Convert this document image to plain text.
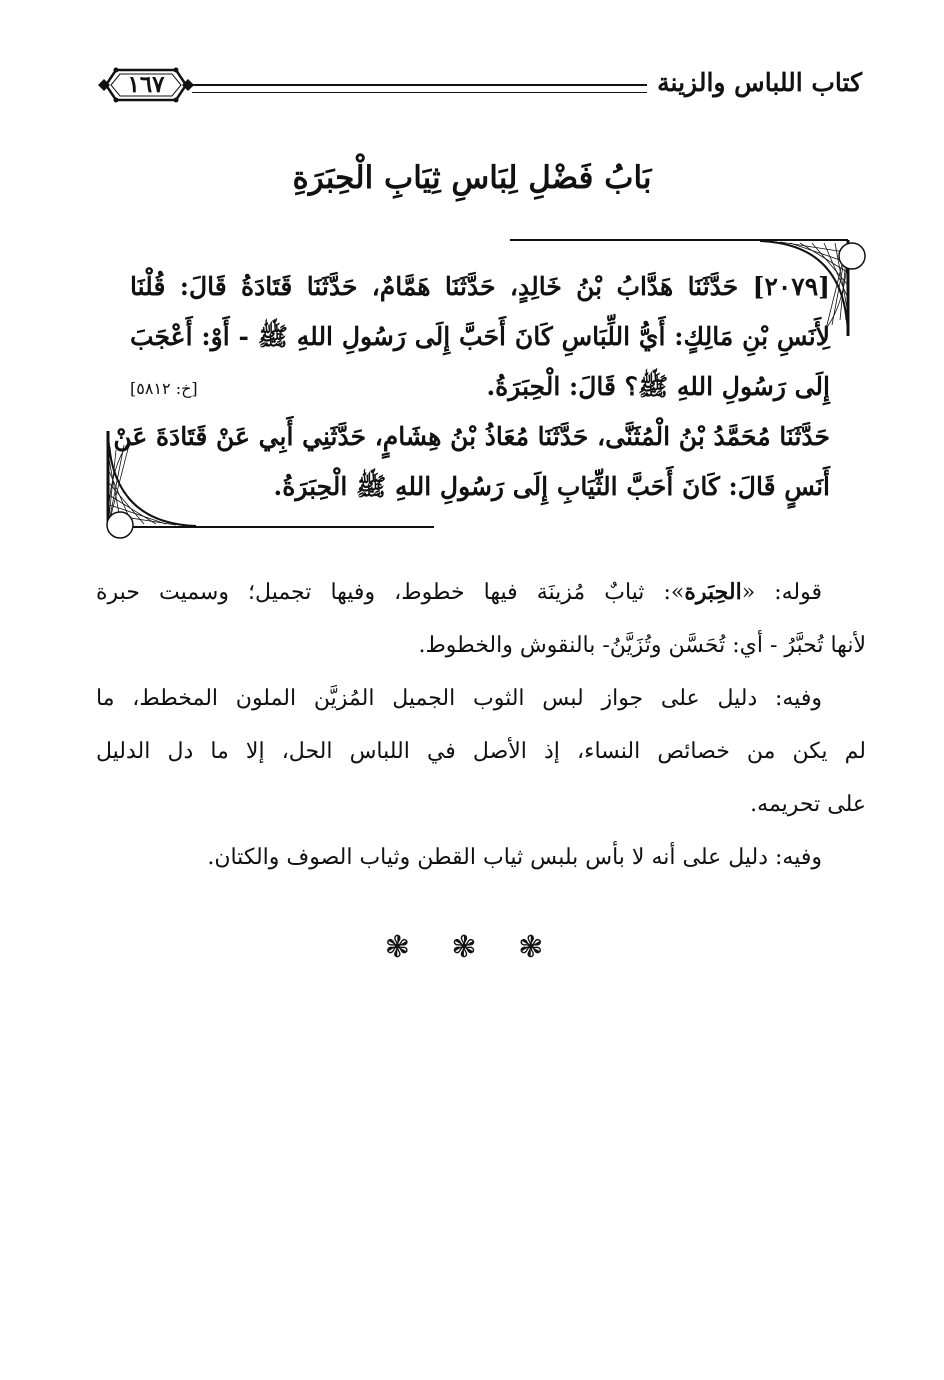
كتاب اللباس والزينة
١٦٧
بَابُ فَضْلِ لِبَاسِ ثِيَابِ الْحِبَرَةِ
[٢٠٧٩] حَدَّثَنَا هَدَّابُ بْنُ خَالِدٍ، حَدَّثَنَا هَمَّامٌ، حَدَّثَنَا قَتَادَةُ قَالَ: قُلْنَا
لِأَنَسِ بْنِ مَالِكٍ: أَيُّ اللِّبَاسِ كَانَ أَحَبَّ إِلَى رَسُولِ اللهِ ﷺ - أَوْ: أَعْجَبَ
إِلَى رَسُولِ اللهِ ﷺ؟ قَالَ: الْحِبَرَةُ.
[خ: ٥٨١٢]
حَدَّثَنَا مُحَمَّدُ بْنُ الْمُثَنَّى، حَدَّثَنَا مُعَاذُ بْنُ هِشَامٍ، حَدَّثَنِي أَبِي عَنْ قَتَادَةَ عَنْ
أَنَسٍ قَالَ: كَانَ أَحَبَّ الثِّيَابِ إِلَى رَسُولِ اللهِ ﷺ الْحِبَرَةُ.

قوله: «الحِبَرة»: ثيابٌ مُزينَة فيها خطوط، وفيها تجميل؛ وسميت حبرة

لأنها تُحبَّرُ - أي: تُحَسَّن وتُزَيَّنُ- بالنقوش والخطوط.

وفيه: دليل على جواز لبس الثوب الجميل المُزيَّن الملون المخطط، ما

لم يكن من خصائص النساء، إذ الأصل في اللباس الحل، إلا ما دل الدليل

على تحريمه.

وفيه: دليل على أنه لا بأس بلبس ثياب القطن وثياب الصوف والكتان.

❃ ❃ ❃
